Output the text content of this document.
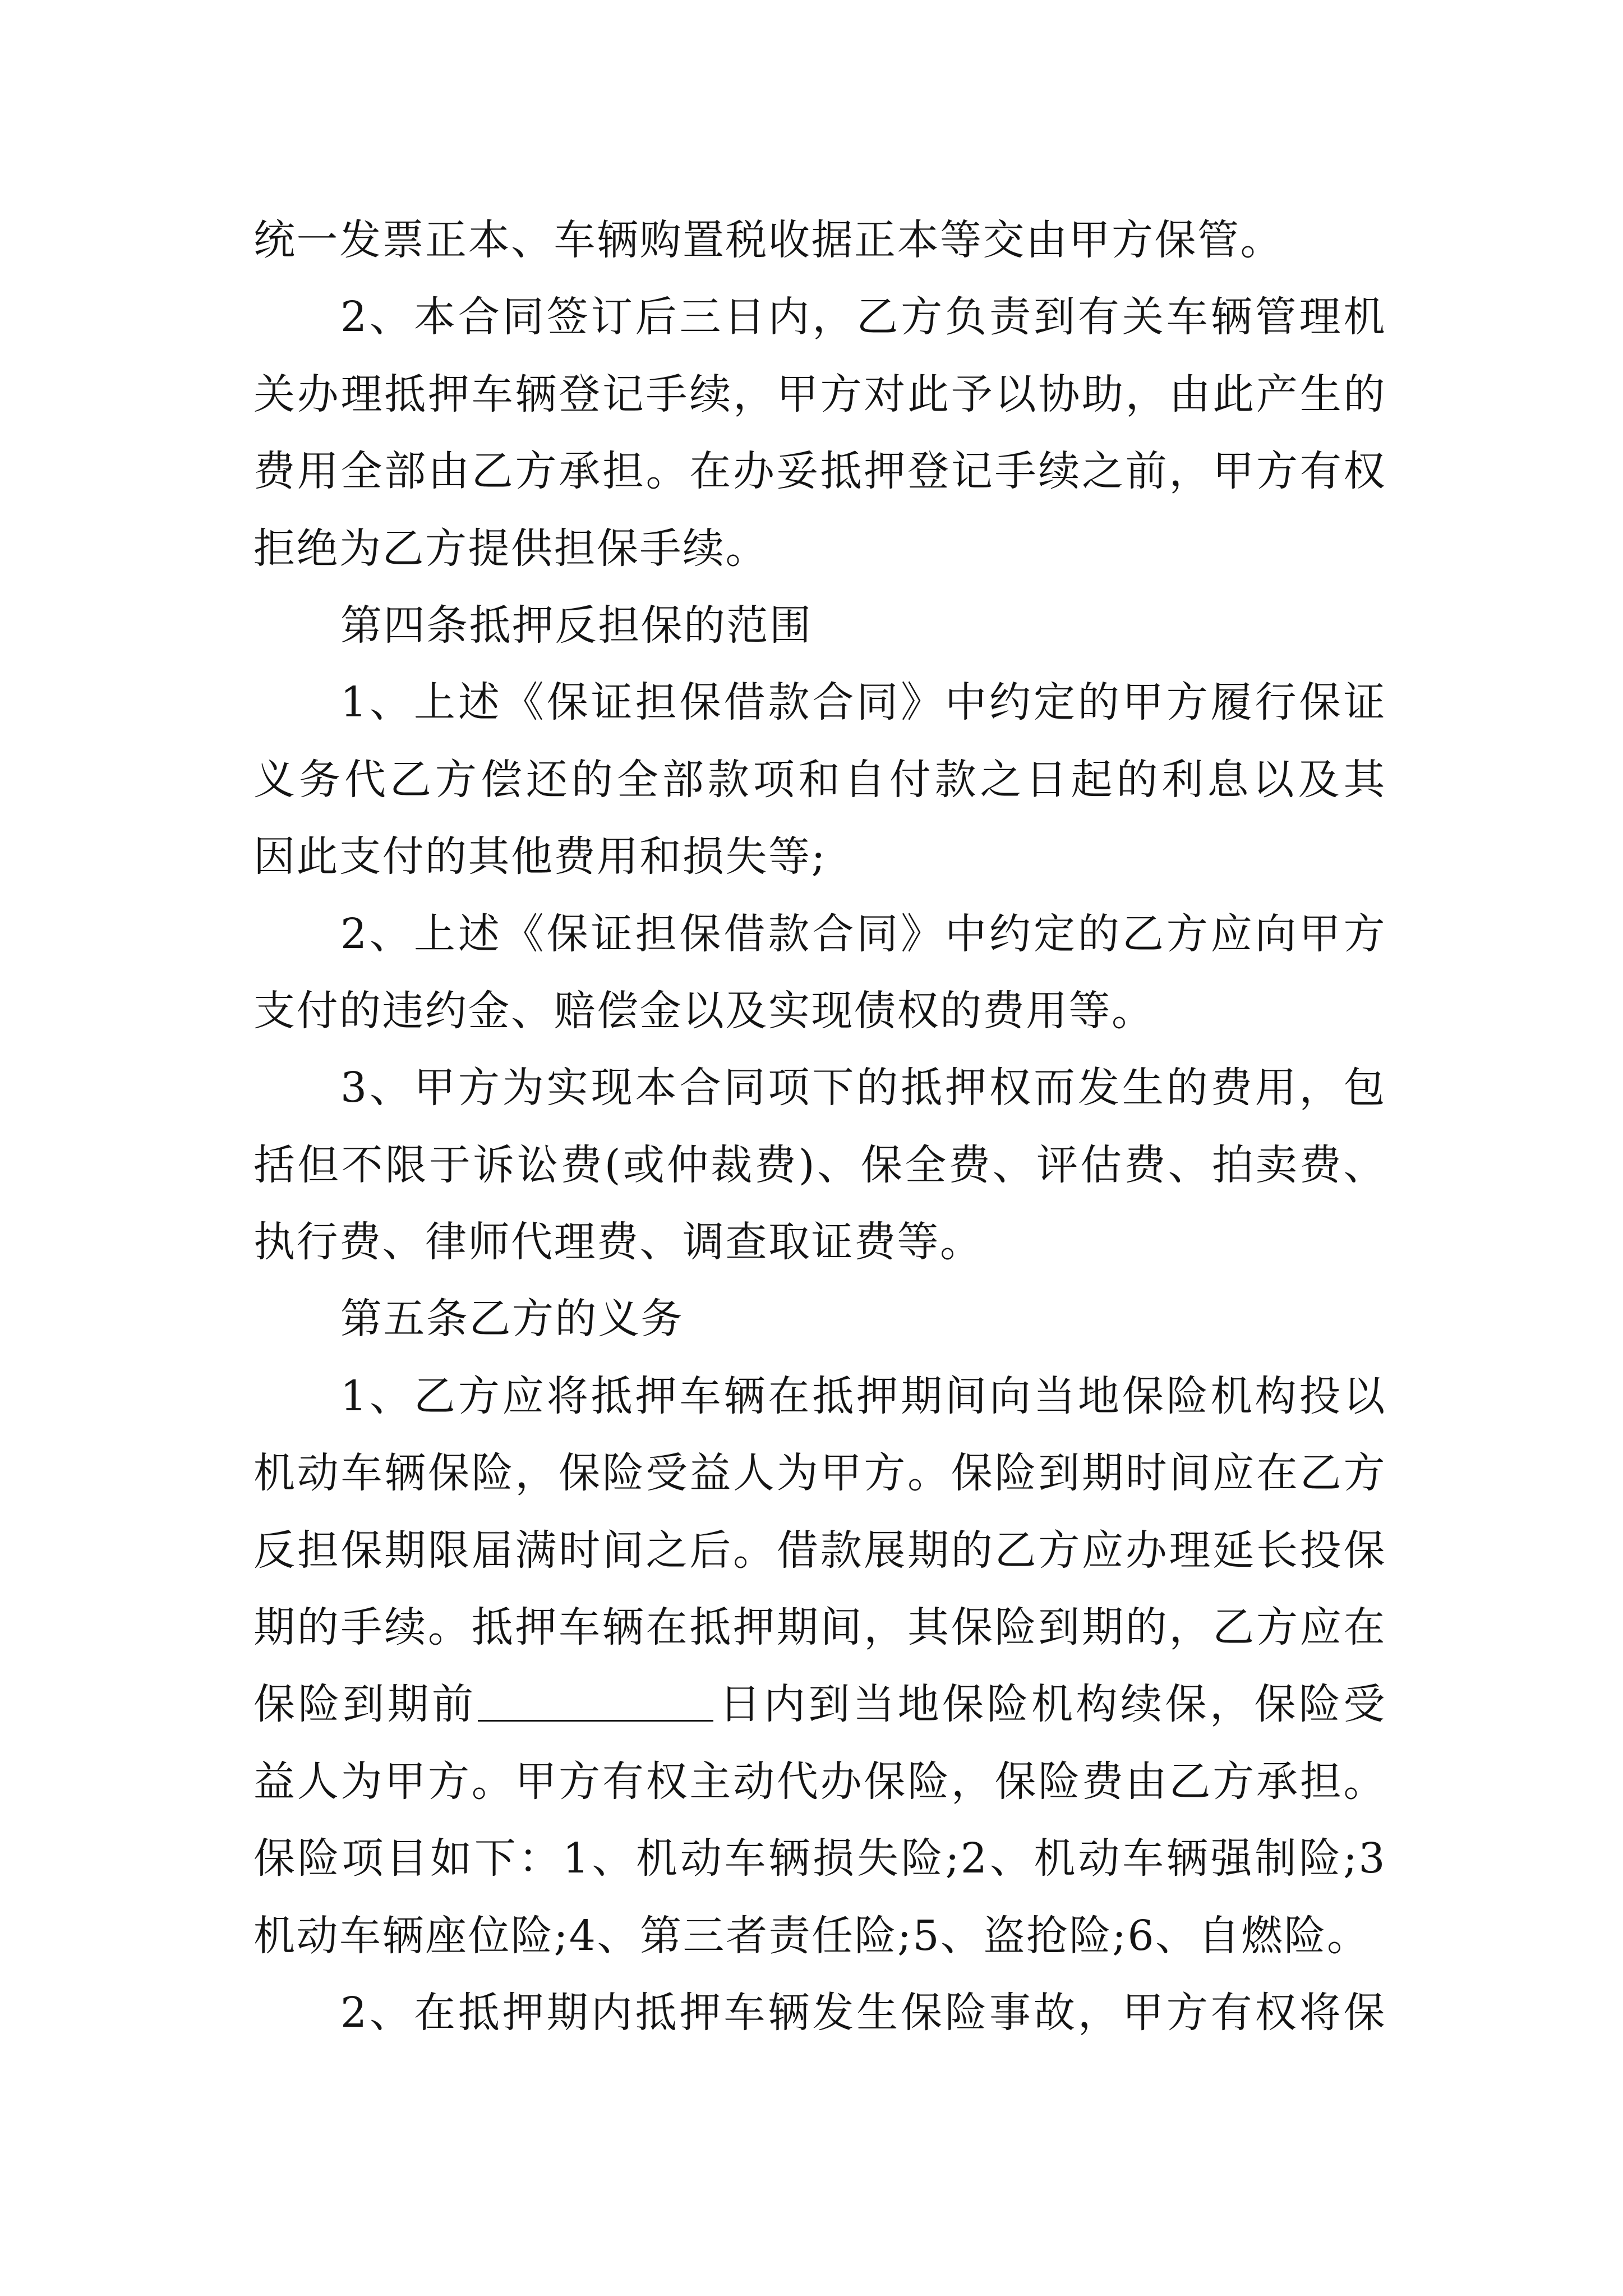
统一发票正本、车辆购置税收据正本等交由甲方保管。
2、本合同签订后三日内，乙方负责到有关车辆管理机
关办理抵押车辆登记手续，甲方对此予以协助，由此产生的
费用全部由乙方承担。在办妥抵押登记手续之前，甲方有权
拒绝为乙方提供担保手续。
第四条抵押反担保的范围
1、上述《保证担保借款合同》中约定的甲方履行保证
义务代乙方偿还的全部款项和自付款之日起的利息以及其
因此支付的其他费用和损失等;
2、上述《保证担保借款合同》中约定的乙方应向甲方
支付的违约金、赔偿金以及实现债权的费用等。
3、甲方为实现本合同项下的抵押权而发生的费用，包
括但不限于诉讼费(或仲裁费)、保全费、评估费、拍卖费、
执行费、律师代理费、调查取证费等。
第五条乙方的义务
1、乙方应将抵押车辆在抵押期间向当地保险机构投以
机动车辆保险，保险受益人为甲方。保险到期时间应在乙方
反担保期限届满时间之后。借款展期的乙方应办理延长投保
期的手续。抵押车辆在抵押期间，其保险到期的，乙方应在
保险到期前	日内到当地保险机构续保，保险受
益人为甲方。甲方有权主动代办保险，保险费由乙方承担。
保险项目如下：1、机动车辆损失险;2、机动车辆强制险;3
机动车辆座位险;4、第三者责任险;5、盗抢险;6、自燃险。
2、在抵押期内抵押车辆发生保险事故，甲方有权将保
